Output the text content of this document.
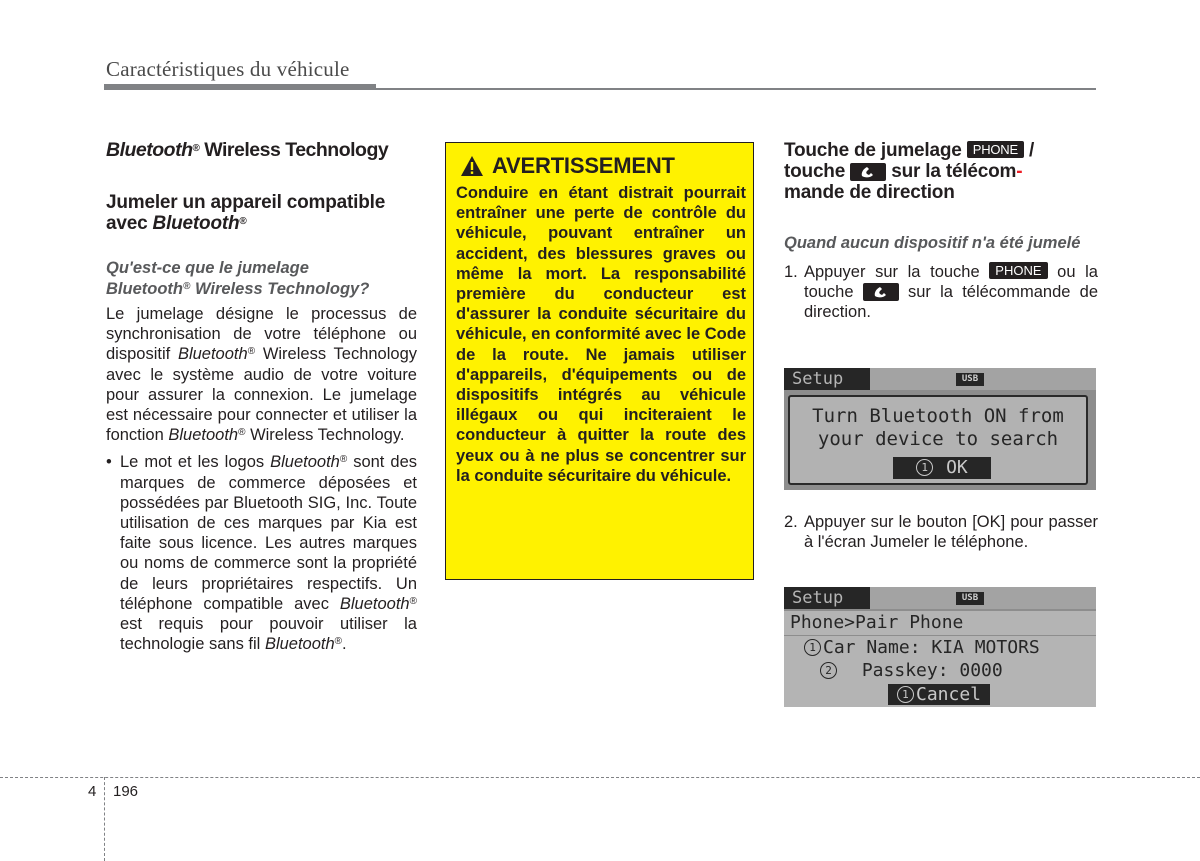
Caractéristiques du véhicule
Bluetooth® Wireless Technology
Jumeler un appareil compatible
avec Bluetooth®
Qu'est-ce que le jumelage
Bluetooth® Wireless Technology?
Le jumelage désigne le processus de synchronisation de votre téléphone ou dispositif Bluetooth® Wireless Technology avec le système audio de votre voiture pour assurer la connexion. Le jumelage est nécessaire pour connecter et utiliser la fonction Bluetooth® Wireless Technology.
• Le mot et les logos Bluetooth® sont des marques de commerce déposées et possédées par Bluetooth SIG, Inc. Toute utilisation de ces marques par Kia est faite sous licence. Les autres marques ou noms de commerce sont la propriété de leurs propriétaires respectifs. Un téléphone compatible avec Bluetooth® est requis pour pouvoir utiliser la technologie sans fil Bluetooth®.
AVERTISSEMENT
Conduire en étant distrait pourrait entraîner une perte de contrôle du véhicule, pouvant entraîner un accident, des blessures graves ou même la mort. La responsabilité première du conducteur est d'assurer la conduite sécuritaire du véhicule, en conformité avec le Code de la route. Ne jamais utiliser d'appareils, d'équipements ou de dispositifs intégrés au véhicule illégaux ou qui inciteraient le conducteur à quitter la route des yeux ou à ne plus se concentrer sur la conduite sécuritaire du véhicule.
Touche de jumelage PHONE /
touche
sur la télécom-
mande de direction
Quand aucun dispositif n'a été jumelé
1. Appuyer sur la touche PHONE ou la touche
sur la télécommande de direction.
Setup	USB
Turn Bluetooth ON from
your device to search
1 OK
2. Appuyer sur le bouton [OK] pour passer à l'écran Jumeler le téléphone.
Setup	USB
Phone>Pair Phone
1 Car Name: KIA MOTORS
2 Passkey: 0000
1 Cancel
4 196
